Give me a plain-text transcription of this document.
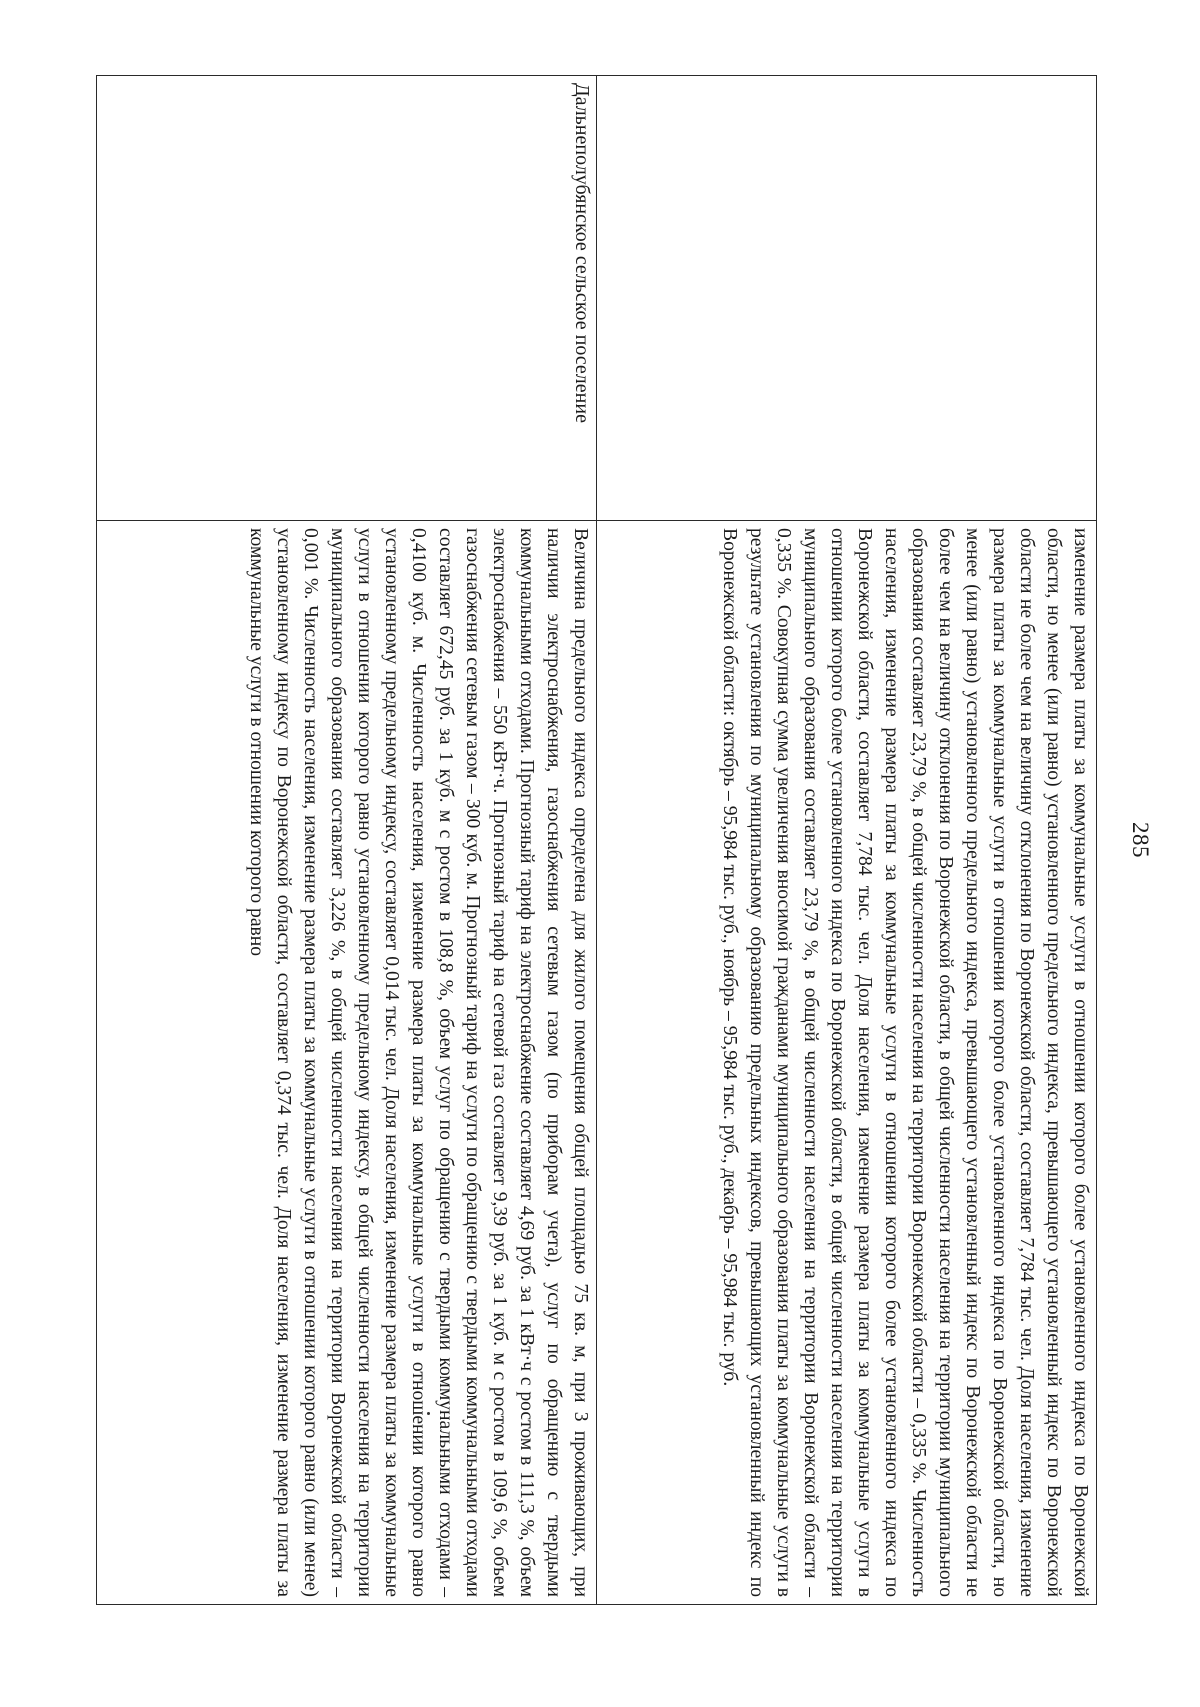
285

	изменение размера платы за коммунальные услуги в отношении которого более установленного индекса по Воронежской области, но менее (или равно) установленного предельного индекса, превышающего установленный индекс по Воронежской области не более чем на величину отклонения по Воронежской области, составляет 7,784 тыс. чел. Доля населения, изменение размера платы за коммунальные услуги в отношении которого более установленного индекса по Воронежской области, но менее (или равно) установленного предельного индекса, превышающего установленный индекс по Воронежской области не более чем на величину отклонения по Воронежской области, в общей численности населения на территории муниципального образования составляет 23,79 %, в общей численности населения на территории Воронежской области – 0,335 %. Численность населения, изменение размера платы за коммунальные услуги в отношении которого более установленного индекса по Воронежской области, составляет 7,784 тыс. чел. Доля населения, изменение размера платы за коммунальные услуги в отношении которого более установленного индекса по Воронежской области, в общей численности населения на территории муниципального образования составляет 23,79 %, в общей численности населения на территории Воронежской области – 0,335 %. Совокупная сумма увеличения вносимой гражданами муниципального образования платы за коммунальные услуги в результате установления по муниципальному образованию предельных индексов, превышающих установленный индекс по Воронежской области: октябрь – 95,984 тыс. руб., ноябрь – 95,984 тыс. руб., декабрь – 95,984 тыс. руб.

Дальнеполубянское сельское поселение	Величина предельного индекса определена для жилого помещения общей площадью 75 кв. м, при 3 проживающих, при наличии электроснабжения, газоснабжения сетевым газом (по приборам учета), услуг по обращению с твердыми коммунальными отходами. Прогнозный тариф на электроснабжение составляет 4,69 руб. за 1 кВт·ч с ростом в 111,3 %, объем электроснабжения – 550 кВт·ч. Прогнозный тариф на сетевой газ составляет 9,39 руб. за 1 куб. м с ростом в 109,6 %, объем газоснабжения сетевым газом – 300 куб. м. Прогнозный тариф на услуги по обращению с твердыми коммунальными отходами составляет 672,45 руб. за 1 куб. м с ростом в 108,8 %, объем услуг по обращению с твердыми коммунальными отходами – 0,4100 куб. м. Численность населения, изменение размера платы за коммунальные услуги в отношении которого равно установленному предельному индексу, составляет 0,014 тыс. чел. Доля населения, изменение размера платы за коммунальные услуги в отношении которого равно установленному предельному индексу, в общей численности населения на территории муниципального образования составляет 3,226 %, в общей численности населения на территории Воронежской области – 0,001 %. Численность населения, изменение размера платы за коммунальные услуги в отношении которого равно (или менее) установленному индексу по Воронежской области, составляет 0,374 тыс. чел. Доля населения, изменение размера платы за коммунальные услуги в отношении которого равно
